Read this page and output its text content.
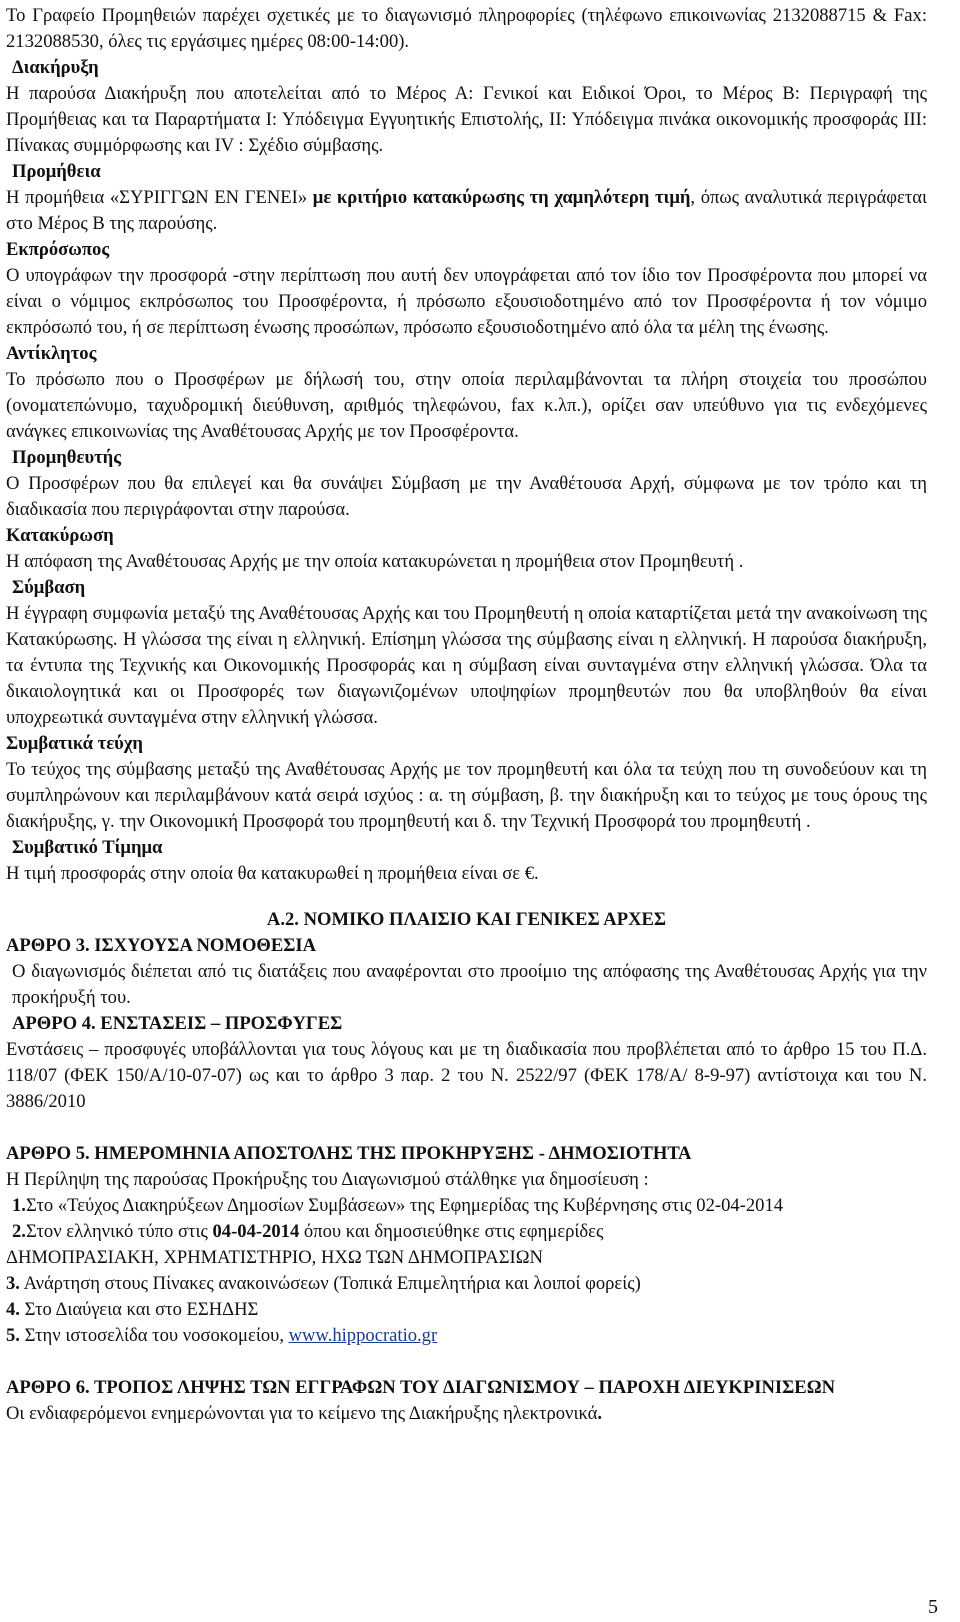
Το Γραφείο Προμηθειών παρέχει σχετικές με το διαγωνισμό πληροφορίες (τηλέφωνο επικοινωνίας 2132088715 & Fax: 2132088530, όλες τις εργάσιμες ημέρες 08:00-14:00).

Διακήρυξη

Η παρούσα Διακήρυξη που αποτελείται από το Μέρος Α: Γενικοί και Ειδικοί Όροι, το Μέρος Β: Περιγραφή της Προμήθειας και τα Παραρτήματα Ι: Υπόδειγμα Εγγυητικής Επιστολής, ΙΙ: Υπόδειγμα πινάκα οικονομικής προσφοράς ΙΙΙ: Πίνακας συμμόρφωσης και ΙV : Σχέδιο σύμβασης.

Προμήθεια

Η προμήθεια «ΣΥΡΙΓΓΩΝ ΕΝ ΓΕΝΕΙ» με κριτήριο κατακύρωσης τη χαμηλότερη τιμή, όπως αναλυτικά περιγράφεται στο Μέρος Β της παρούσης.

Εκπρόσωπος

Ο υπογράφων την προσφορά -στην περίπτωση που αυτή δεν υπογράφεται από τον ίδιο τον Προσφέροντα που μπορεί να είναι ο νόμιμος εκπρόσωπος του Προσφέροντα, ή πρόσωπο εξουσιοδοτημένο από τον Προσφέροντα ή τον νόμιμο εκπρόσωπό του, ή σε περίπτωση ένωσης προσώπων, πρόσωπο εξουσιοδοτημένο από όλα τα μέλη της ένωσης.

Αντίκλητος

Το πρόσωπο που ο Προσφέρων με δήλωσή του, στην οποία περιλαμβάνονται τα πλήρη στοιχεία του προσώπου (ονοματεπώνυμο, ταχυδρομική διεύθυνση, αριθμός τηλεφώνου, fax κ.λπ.), ορίζει σαν υπεύθυνο για τις ενδεχόμενες ανάγκες επικοινωνίας της Αναθέτουσας Αρχής με τον Προσφέροντα.

Προμηθευτής

Ο Προσφέρων που θα επιλεγεί και θα συνάψει Σύμβαση με την Αναθέτουσα Αρχή, σύμφωνα με τον τρόπο και τη διαδικασία που περιγράφονται στην παρούσα.

Κατακύρωση

Η απόφαση της Αναθέτουσας Αρχής με την οποία κατακυρώνεται η προμήθεια στον Προμηθευτή .

Σύμβαση

Η έγγραφη συμφωνία μεταξύ της Αναθέτουσας Αρχής και του Προμηθευτή η οποία καταρτίζεται μετά την ανακοίνωση της Κατακύρωσης. Η γλώσσα της είναι η ελληνική. Επίσημη γλώσσα της σύμβασης είναι η ελληνική. Η παρούσα διακήρυξη, τα έντυπα της Τεχνικής και Οικονομικής Προσφοράς και η σύμβαση είναι συνταγμένα στην ελληνική γλώσσα. Όλα τα δικαιολογητικά και οι Προσφορές των διαγωνιζομένων υποψηφίων προμηθευτών που θα υποβληθούν θα είναι υποχρεωτικά συνταγμένα στην ελληνική γλώσσα.

Συμβατικά τεύχη

Το τεύχος της σύμβασης μεταξύ της Αναθέτουσας Αρχής με τον προμηθευτή και όλα τα τεύχη που τη συνοδεύουν και τη συμπληρώνουν και περιλαμβάνουν κατά σειρά ισχύος : α. τη σύμβαση, β. την διακήρυξη και το τεύχος με τους όρους της διακήρυξης, γ. την Οικονομική Προσφορά του προμηθευτή και δ. την Τεχνική Προσφορά του προμηθευτή .

Συμβατικό Τίμημα

Η τιμή προσφοράς στην οποία θα κατακυρωθεί η προμήθεια είναι σε €.

Α.2. ΝΟΜΙΚΟ ΠΛΑΙΣΙΟ ΚΑΙ ΓΕΝΙΚΕΣ ΑΡΧΕΣ

ΑΡΘΡΟ 3. ΙΣΧΥΟΥΣΑ ΝΟΜΟΘΕΣΙΑ

Ο διαγωνισμός διέπεται από τις διατάξεις που αναφέρονται στο προοίμιο της απόφασης της Αναθέτουσας Αρχής για την προκήρυξή του.

ΑΡΘΡΟ 4. ΕΝΣΤΑΣΕΙΣ – ΠΡΟΣΦΥΓΕΣ

Ενστάσεις – προσφυγές υποβάλλονται για τους λόγους και με τη διαδικασία που προβλέπεται από το άρθρο 15 του Π.Δ. 118/07 (ΦΕΚ 150/Α/10-07-07) ως και το άρθρο 3 παρ. 2 του Ν. 2522/97 (ΦΕΚ 178/Α/ 8-9-97) αντίστοιχα και του Ν. 3886/2010

ΑΡΘΡΟ 5. ΗΜΕΡΟΜΗΝΙΑ ΑΠΟΣΤΟΛΗΣ ΤΗΣ ΠΡΟΚΗΡΥΞΗΣ - ΔΗΜΟΣΙΟΤΗΤΑ

Η Περίληψη της παρούσας Προκήρυξης του Διαγωνισμού στάλθηκε για δημοσίευση :

1.Στο «Τεύχος Διακηρύξεων Δημοσίων Συμβάσεων» της Εφημερίδας της Κυβέρνησης στις 02-04-2014

2.Στον ελληνικό τύπο στις 04-04-2014 όπου και δημοσιεύθηκε στις εφημερίδες

ΔΗΜΟΠΡΑΣΙΑΚΗ, ΧΡΗΜΑΤΙΣΤΗΡΙΟ, ΗΧΩ ΤΩΝ ΔΗΜΟΠΡΑΣΙΩΝ

3. Ανάρτηση στους Πίνακες ανακοινώσεων (Τοπικά Επιμελητήρια και λοιποί φορείς)

4. Στο Διαύγεια και στο ΕΣΗΔΗΣ

5. Στην ιστοσελίδα του νοσοκομείου, www.hippocratio.gr

ΑΡΘΡΟ 6. ΤΡΟΠΟΣ ΛΗΨΗΣ ΤΩΝ ΕΓΓΡΑΦΩΝ ΤΟΥ ΔΙΑΓΩΝΙΣΜΟΥ – ΠΑΡΟΧΗ ΔΙΕΥΚΡΙΝΙΣΕΩΝ

Οι ενδιαφερόμενοι ενημερώνονται για το κείμενο της Διακήρυξης ηλεκτρονικά.

5
